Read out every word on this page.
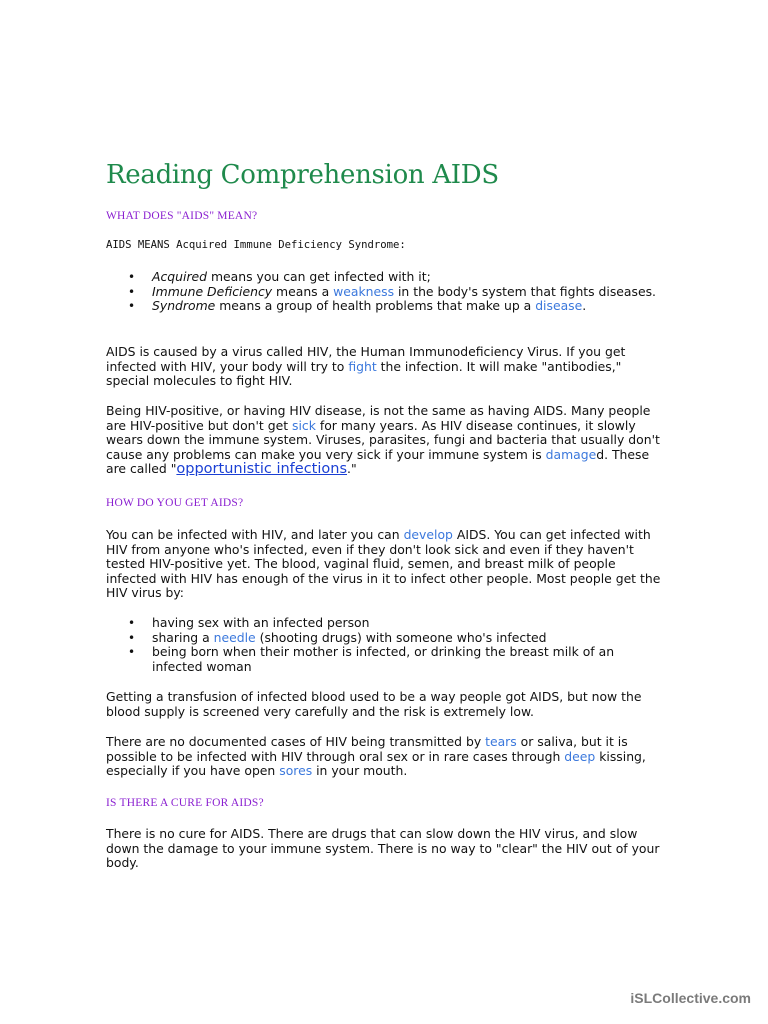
Reading Comprehension AIDS
WHAT DOES "AIDS" MEAN?

AIDS MEANS Acquired Immune Deficiency Syndrome:

• Acquired means you can get infected with it;
• Immune Deficiency means a weakness in the body's system that fights diseases.
• Syndrome means a group of health problems that make up a disease.

AIDS is caused by a virus called HIV, the Human Immunodeficiency Virus. If you get infected with HIV, your body will try to fight the infection. It will make "antibodies," special molecules to fight HIV.

Being HIV-positive, or having HIV disease, is not the same as having AIDS. Many people are HIV-positive but don't get sick for many years. As HIV disease continues, it slowly wears down the immune system. Viruses, parasites, fungi and bacteria that usually don't cause any problems can make you very sick if your immune system is damaged. These are called "opportunistic infections."

HOW DO YOU GET AIDS?

You can be infected with HIV, and later you can develop AIDS. You can get infected with HIV from anyone who's infected, even if they don't look sick and even if they haven't tested HIV-positive yet. The blood, vaginal fluid, semen, and breast milk of people infected with HIV has enough of the virus in it to infect other people. Most people get the HIV virus by:

• having sex with an infected person
• sharing a needle (shooting drugs) with someone who's infected
• being born when their mother is infected, or drinking the breast milk of an infected woman

Getting a transfusion of infected blood used to be a way people got AIDS, but now the blood supply is screened very carefully and the risk is extremely low.

There are no documented cases of HIV being transmitted by tears or saliva, but it is possible to be infected with HIV through oral sex or in rare cases through deep kissing, especially if you have open sores in your mouth.

IS THERE A CURE FOR AIDS?

There is no cure for AIDS. There are drugs that can slow down the HIV virus, and slow down the damage to your immune system. There is no way to "clear" the HIV out of your body.

iSLCollective.com
